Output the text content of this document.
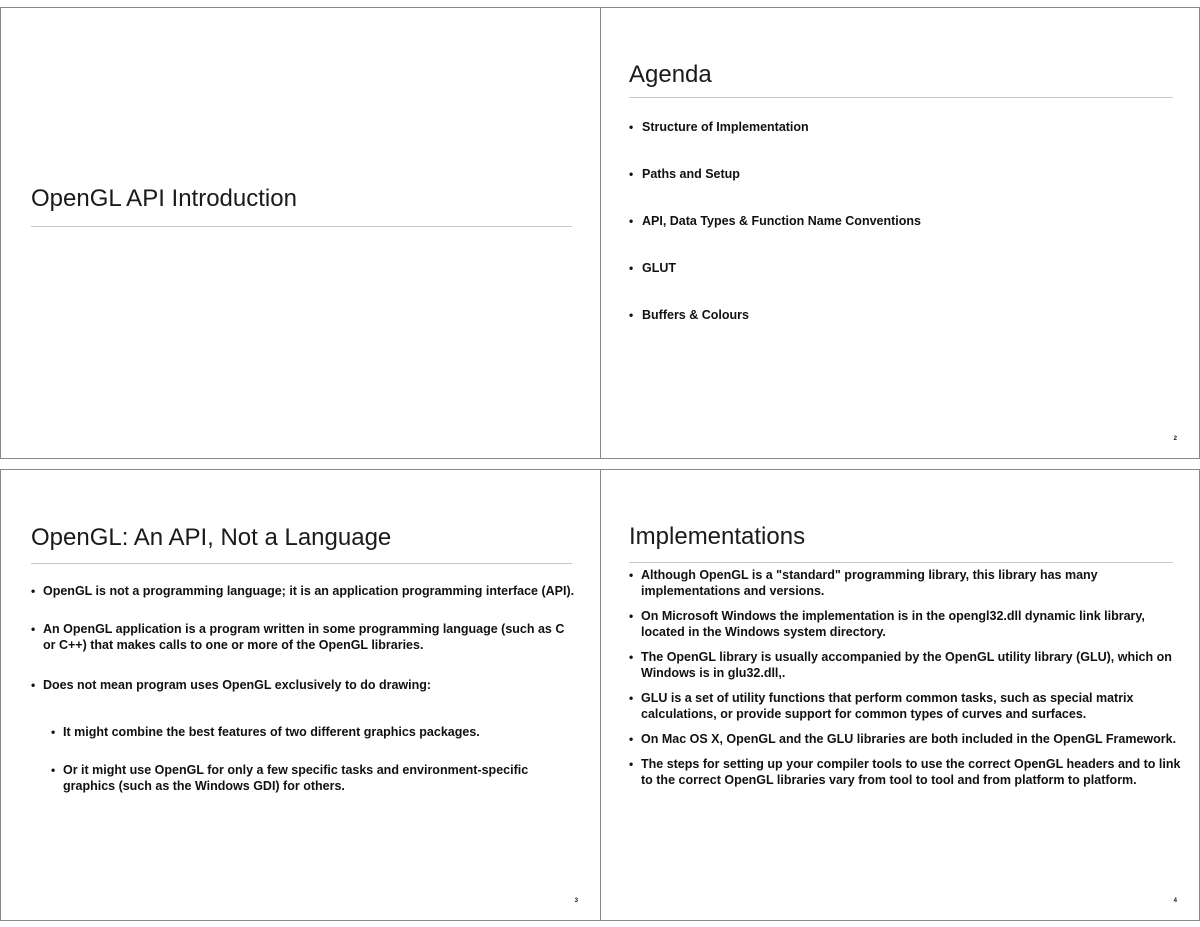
OpenGL API Introduction
Agenda
• Structure of Implementation
• Paths and Setup
• API, Data Types & Function Name Conventions
• GLUT
• Buffers & Colours
2
OpenGL: An API, Not a Language
• OpenGL is not a programming language; it is an application programming interface (API).
• An OpenGL application is a program written in some programming language (such as C or C++) that makes calls to one or more of the OpenGL libraries.
• Does not mean program uses OpenGL exclusively to do drawing:
• It might combine the best features of two different graphics packages.
• Or it might use OpenGL for only a few specific tasks and environment-specific graphics (such as the Windows GDI) for others.
3
Implementations
• Although OpenGL is a "standard" programming library, this library has many implementations and versions.
• On Microsoft Windows the implementation is in the opengl32.dll dynamic link library, located in the Windows system directory.
• The OpenGL library is usually accompanied by the OpenGL utility library (GLU), which on Windows is in glu32.dll,.
• GLU is a set of utility functions that perform common tasks, such as special matrix calculations, or provide support for common types of curves and surfaces.
• On Mac OS X, OpenGL and the GLU libraries are both included in the OpenGL Framework.
• The steps for setting up your compiler tools to use the correct OpenGL headers and to link to the correct OpenGL libraries vary from tool to tool and from platform to platform.
4
